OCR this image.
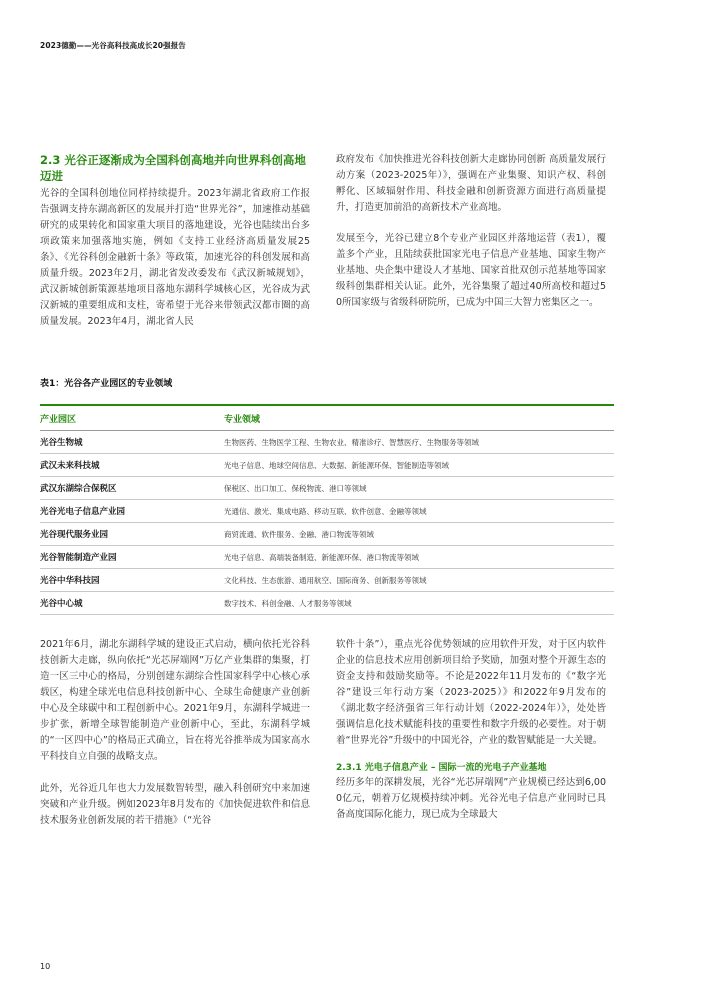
2023德勤——光谷高科技高成长20强报告
2.3 光谷正逐渐成为全国科创高地并向世界科创高地迈进

光谷的全国科创地位同样持续提升。2023年湖北省政府工作报告强调支持东湖高新区的发展并打造“世界光谷”，加速推动基础研究的成果转化和国家重大项目的落地建设，光谷也陆续出台多项政策来加强落地实施，例如《支持工业经济高质量发展25条》、《光谷科创金融新十条》等政策，加速光谷的科创发展和高质量升级。2023年2月，湖北省发改委发布《武汉新城规划》，武汉新城创新策源基地项目落地东湖科学城核心区，光谷成为武汉新城的重要组成和支柱，寄希望于光谷来带领武汉都市圈的高质量发展。2023年4月，湖北省人民

政府发布《加快推进光谷科技创新大走廊协同创新 高质量发展行动方案（2023-2025年）》，强调在产业集聚、知识产权、科创孵化、区域辐射作用、科技金融和创新资源方面进行高质量提升，打造更加前沿的高新技术产业高地。

发展至今，光谷已建立8个专业产业园区并落地运营（表1），覆盖多个产业，且陆续获批国家光电子信息产业基地、国家生物产业基地、央企集中建设人才基地、国家首批双创示范基地等国家级科创集群相关认证。此外，光谷集聚了超过40所高校和超过50所国家级与省级科研院所，已成为中国三大智力密集区之一。

表1：光谷各产业园区的专业领域
产业园区	专业领域
光谷生物城	生物医药、生物医学工程、生物农业、精准诊疗、智慧医疗、生物服务等领域
武汉未来科技城	光电子信息、地球空间信息、大数据、新能源环保、智能制造等领域
武汉东湖综合保税区	保税区、出口加工、保税物流、港口等领域
光谷光电子信息产业园	光通信、激光、集成电路、移动互联、软件创意、金融等领域
光谷现代服务业园	商贸流通、软件服务、金融、港口物流等领域
光谷智能制造产业园	光电子信息、高端装备制造、新能源环保、港口物流等领域
光谷中华科技园	文化科技、生态旅游、通用航空、国际商务、创新服务等领域
光谷中心城	数字技术、科创金融、人才服务等领域

2021年6月，湖北东湖科学城的建设正式启动，横向依托光谷科技创新大走廊，纵向依托“光芯屏端网”万亿产业集群的集聚，打造一区三中心的格局，分别创建东湖综合性国家科学中心核心承载区，构建全球光电信息科技创新中心、全球生命健康产业创新中心及全球碳中和工程创新中心。2021年9月，东湖科学城进一步扩张，新增全球智能制造产业创新中心，至此，东湖科学城的“一区四中心”的格局正式确立，旨在将光谷推举成为国家高水平科技自立自强的战略支点。

此外，光谷近几年也大力发展数智转型，融入科创研究中来加速突破和产业升级。例如2023年8月发布的《加快促进软件和信息技术服务业创新发展的若干措施》（“光谷

软件十条”），重点光谷优势领域的应用软件开发，对于区内软件企业的信息技术应用创新项目给予奖励，加强对整个开源生态的资金支持和鼓励奖励等。不论是2022年11月发布的《“数字光谷”建设三年行动方案（2023-2025）》和2022年9月发布的《湖北数字经济强省三年行动计划（2022-2024年）》，处处皆强调信息化技术赋能科技的重要性和数字升级的必要性。对于朝着“世界光谷”升级中的中国光谷，产业的数智赋能是一大关键。

2.3.1 光电子信息产业 – 国际一流的光电子产业基地

经历多年的深耕发展，光谷“光芯屏端网”产业规模已经达到6,000亿元，朝着万亿规模持续冲刺。光谷光电子信息产业同时已具备高度国际化能力，现已成为全球最大

10
